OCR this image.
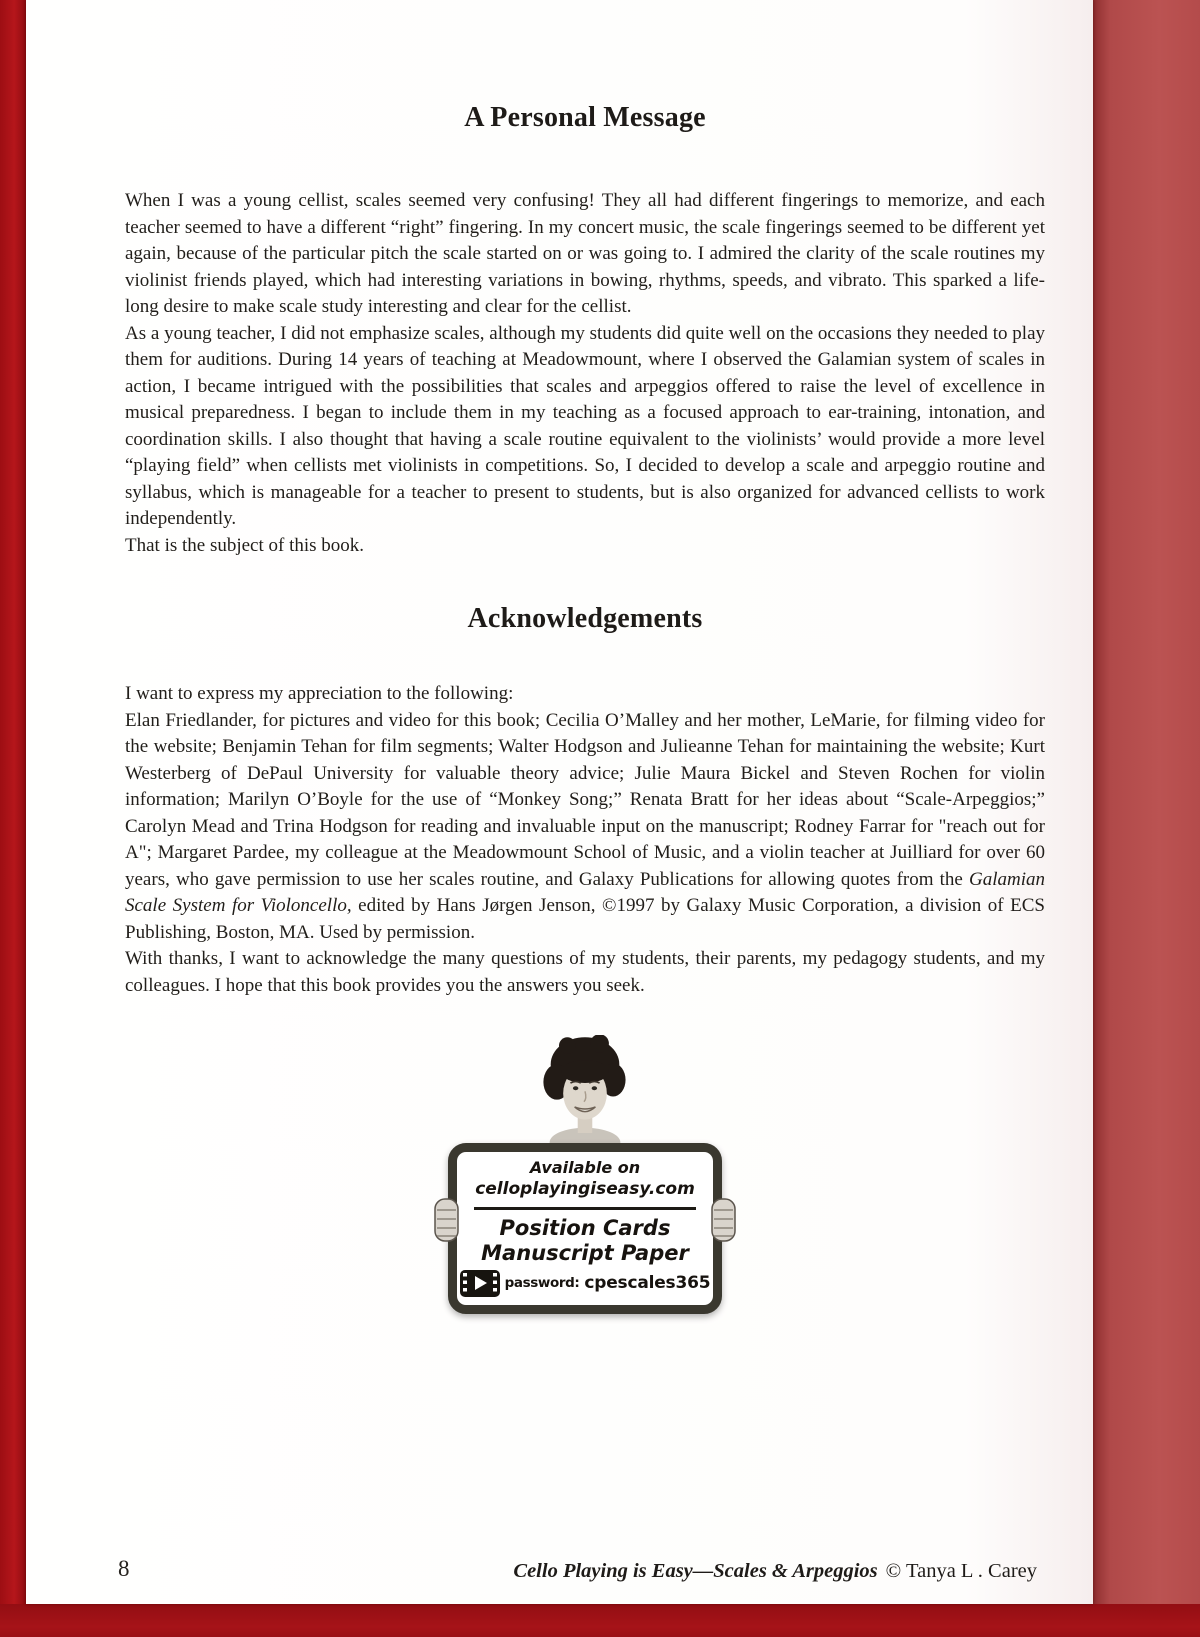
A Personal Message

When I was a young cellist, scales seemed very confusing! They all had different fingerings to memorize, and each teacher seemed to have a different “right” fingering. In my concert music, the scale fingerings seemed to be different yet again, because of the particular pitch the scale started on or was going to. I admired the clarity of the scale routines my violinist friends played, which had interesting variations in bowing, rhythms, speeds, and vibrato. This sparked a life-long desire to make scale study interesting and clear for the cellist.

As a young teacher, I did not emphasize scales, although my students did quite well on the occasions they needed to play them for auditions. During 14 years of teaching at Meadowmount, where I observed the Galamian system of scales in action, I became intrigued with the possibilities that scales and arpeggios offered to raise the level of excellence in musical preparedness. I began to include them in my teaching as a focused approach to ear-training, intonation, and coordination skills. I also thought that having a scale routine equivalent to the violinists’ would provide a more level “playing field” when cellists met violinists in competitions. So, I decided to develop a scale and arpeggio routine and syllabus, which is manageable for a teacher to present to students, but is also organized for advanced cellists to work independently.

That is the subject of this book.

Acknowledgements

I want to express my appreciation to the following:

Elan Friedlander, for pictures and video for this book; Cecilia O’Malley and her mother, LeMarie, for filming video for the website; Benjamin Tehan for film segments; Walter Hodgson and Julieanne Tehan for maintaining the website; Kurt Westerberg of DePaul University for valuable theory advice; Julie Maura Bickel and Steven Rochen for violin information; Marilyn O’Boyle for the use of “Monkey Song;” Renata Bratt for her ideas about “Scale-Arpeggios;” Carolyn Mead and Trina Hodgson for reading and invaluable input on the manuscript; Rodney Farrar for "reach out for A"; Margaret Pardee, my colleague at the Meadowmount School of Music, and a violin teacher at Juilliard for over 60 years, who gave permission to use her scales routine, and Galaxy Publications for allowing quotes from the Galamian Scale System for Violoncello, edited by Hans Jørgen Jenson, ©1997 by Galaxy Music Corporation, a division of ECS Publishing, Boston, MA. Used by permission.

With thanks, I want to acknowledge the many questions of my students, their parents, my pedagogy students, and my colleagues. I hope that this book provides you the answers you seek.

Available on
celloplayingiseasy.com
Position Cards
Manuscript Paper
password: cpescales365
8	Cello Playing is Easy—Scales & Arpeggios © Tanya L . Carey
